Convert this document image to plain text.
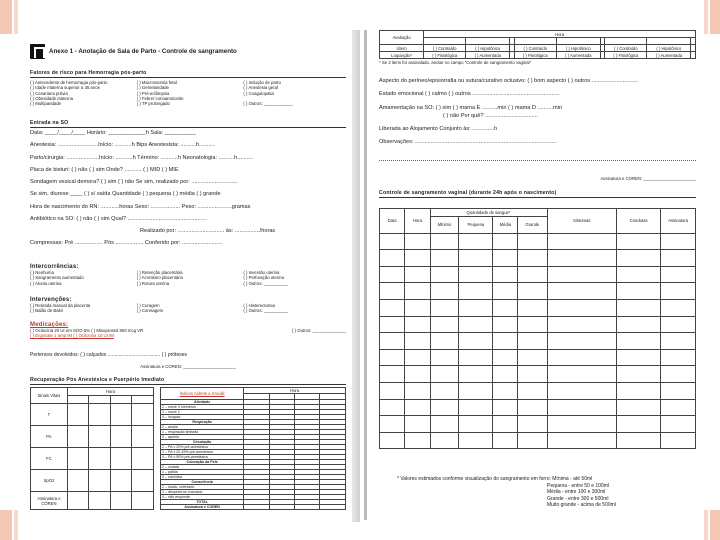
Anexo 1 - Anotação de Sala de Parto - Controle de sangramento
Fatores de risco para Hemorragia pós-parto
( ) Antecedente de hemorragia pós-parto	( ) Macrossomia fetal	( ) Indução de parto
( ) Idade materna superior a 35 anos	( ) Gemelaridade	( ) Anestesia geral
( ) Cesariana prévia	( ) Pré-eclâmpsia	( ) Coagulopatia
( ) Obesidade materna	( ) Febre/ corioamnionite
( ) Multiparidade	( ) TP prolongado	( ) Outros: ____________
Entrada na SO
Data: ____/____/____ Horário: ____________h Sala: __________
Anestesia: ..........................Início: ...........h Bips Anestesista: ..........h..........
Parto/cirurgia: .....................Início: ...........h Término: ...........h Neonatologia: ..........h..........
Placa de bisturi: ( ) não ( ) sim Onde? ........... ( ) MID ( ) MIE
Sondagem vesical demora? ( ) sim ( ) não Se sim, realizado por: ..............................
Se sim, diurese ____ ( ) s/ saída Quantidade ( ) pequena ( ) média ( ) grande
Hora de nascimento do RN: ............horas Sexo: ................... Peso: ......................gramas
Antibiótico na SO: ( ) não ( ) sim Qual? ...................................................
Realizado por: .............................. às: ................/horas
Compressas: Pré .................. Pós .................. Conferido por: ..........................
Intercorrências:
( ) Nenhuma	( ) Retenção placentária	( ) Inversão uterina
( ) Sangramento aumentado	( ) Acretismo placentário	( ) Perfuração uterina
( ) Atonia uterina	( ) Rotura uterina	( ) Outros: __________
Intervenções:
( ) Retirada manual da placenta	( ) Curagem	( ) Histerectomia
( ) Balão de Bakri	( ) Curetagem	( ) Outros: __________
Medicações:
( ) Ocitocina 20 UI em SGO 5% ( ) Misoprostol 800 mcg VR	( ) Outros: ______________
( ) Ergotrate 1 amp IM ( ) Ocitocina 10 UI IM
Pertences devolvidos: ( ) calçados ...................................... ( ) próteses
Assinatura e COREN: ______________________
Recuperação Pós Anestésica e Puerpério Imediato
Sinais Vitais	Hora			

T				
PA				
FC				
SpO2				
Assinatura e COREN				
Índices Aldrete e Kroulik	Hora			

Atividade				
2 – move 4 membros				
1 – move 2				
0 – incapaz				
Respiração				
2 – ampla				
1 – respiração limitada				
0 – apneia				
Circulação				
2 – PA ± 20% pré-anestésico				
1 – PA ± 20-49% pré-anestésico				
0 – PA ± 50% pré-anestésico				
Coloração da Pele				
2 – corada				
1 – pálida				
0 – cianótica				
Consciência				
2 – lúcido, orientado				
1 – desperta se chamado				
0 – não responde				
TOTAL				
Assinatura e COREN				
Avaliação	Hora								

Útero	( ) Contraído	( ) Hipotônico		( ) Contraído	( ) Hipotônico		( ) Contraído	( ) Hipotônico	
Loquiação*	( ) Fisiológica	( ) Aumentada		( ) Fisiológica	( ) Aumentada		( ) Fisiológica	( ) Aumentada	
* Se 2 itens for assinalado, anotar no campo "Controle de sangramento vaginal"
Aspecto do períneo/episiorrafia ou sutura/curativo oclusivo: ( ) bom aspecto ( ) outros ..............................
Estado emocional ( ) calmo ( ) outros ........................................................
Amamentação na SO: ( ) sim ( ) mama E ..........min ( ) mama D ..........min
( ) não Por quê? ..................................
Liberada ao Alojamento Conjunto às: ..............h
Observações: ...........................................................................................
Assinatura e COREN: ______________________
Controle de sangramento vaginal (durante 24h após o nascimento)
Data	Hora	Quantidade de sangue*				Sintomas	Condutas	Assinatura
		Mínimo	Pequena	Média	Grande			

* Valores estimados conforme visualização do sangramento em forro: Mínima - até 50ml
Pequena - entre 50 e 100ml
Média - entre 100 e 300ml
Grande - entre 300 e 500ml
Muito grande - acima de 500ml
